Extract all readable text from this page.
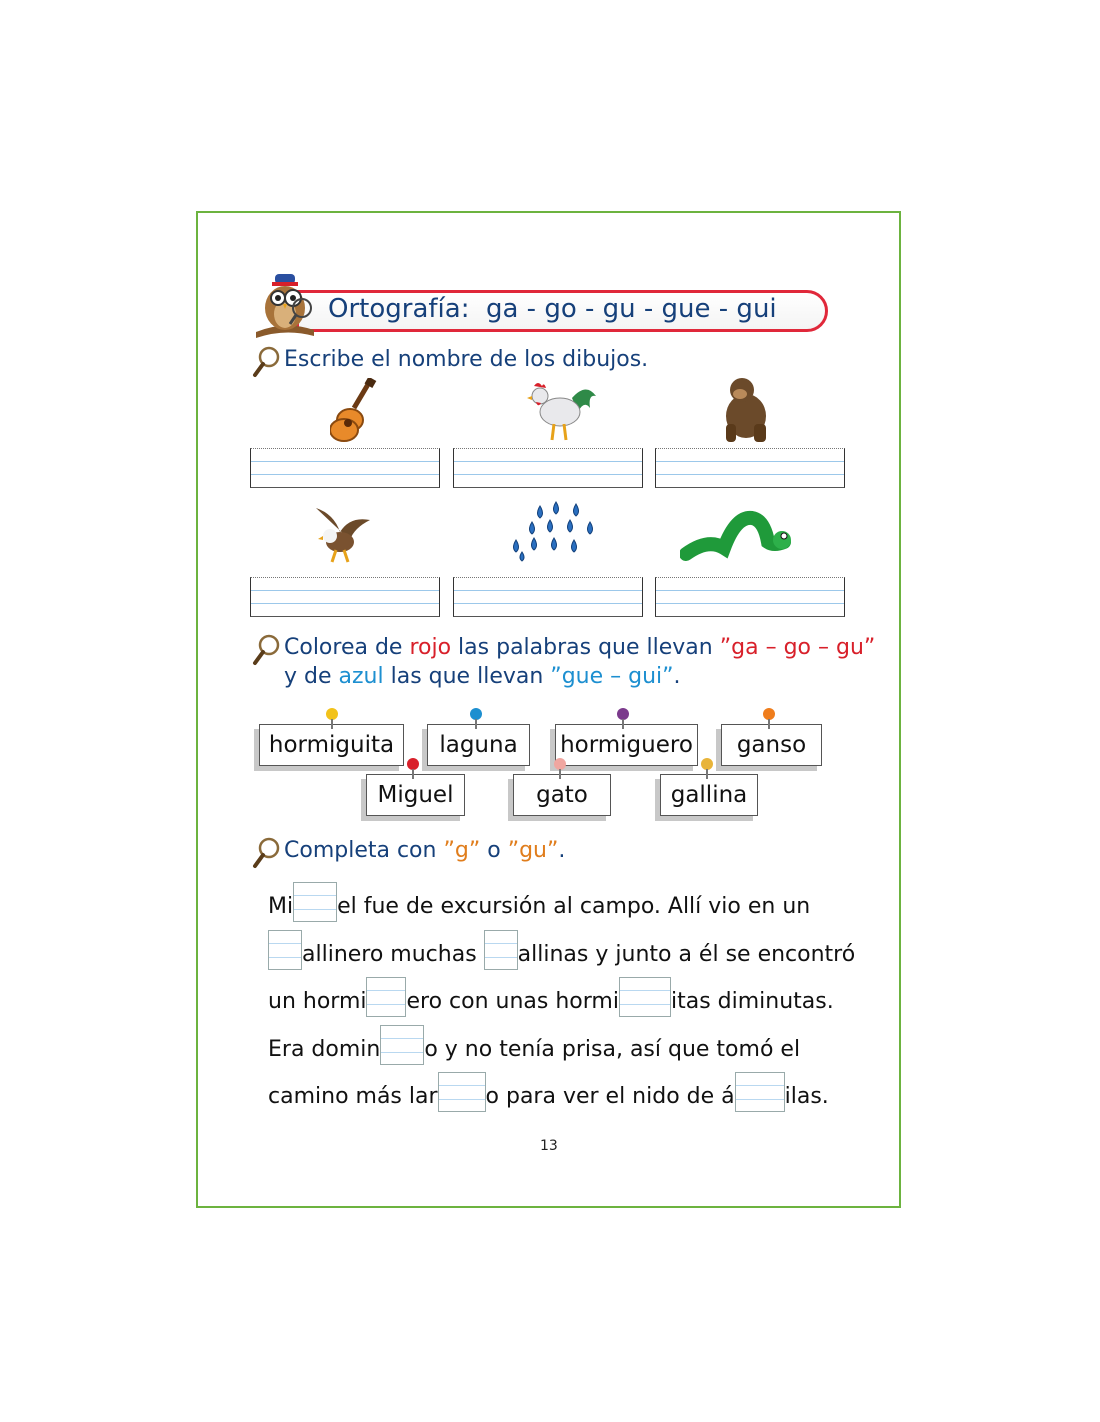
Ortografía:  ga - go - gu - gue - gui
Escribe el nombre de los dibujos.
Colorea de rojo las palabras que llevan ”ga – go – gu”
y de azul las que llevan ”gue – gui”.
hormiguita	laguna	hormiguero	ganso
Miguel	gato	gallina
Completa con ”g” o ”gu”.
Mi el fue de excursión al campo. Allí vio en un
allinero muchas allinas y junto a él se encontró
un hormi ero con unas hormi itas diminutas.
Era domin o y no tenía prisa, así que tomó el
camino más lar o para ver el nido de á ilas.
13
